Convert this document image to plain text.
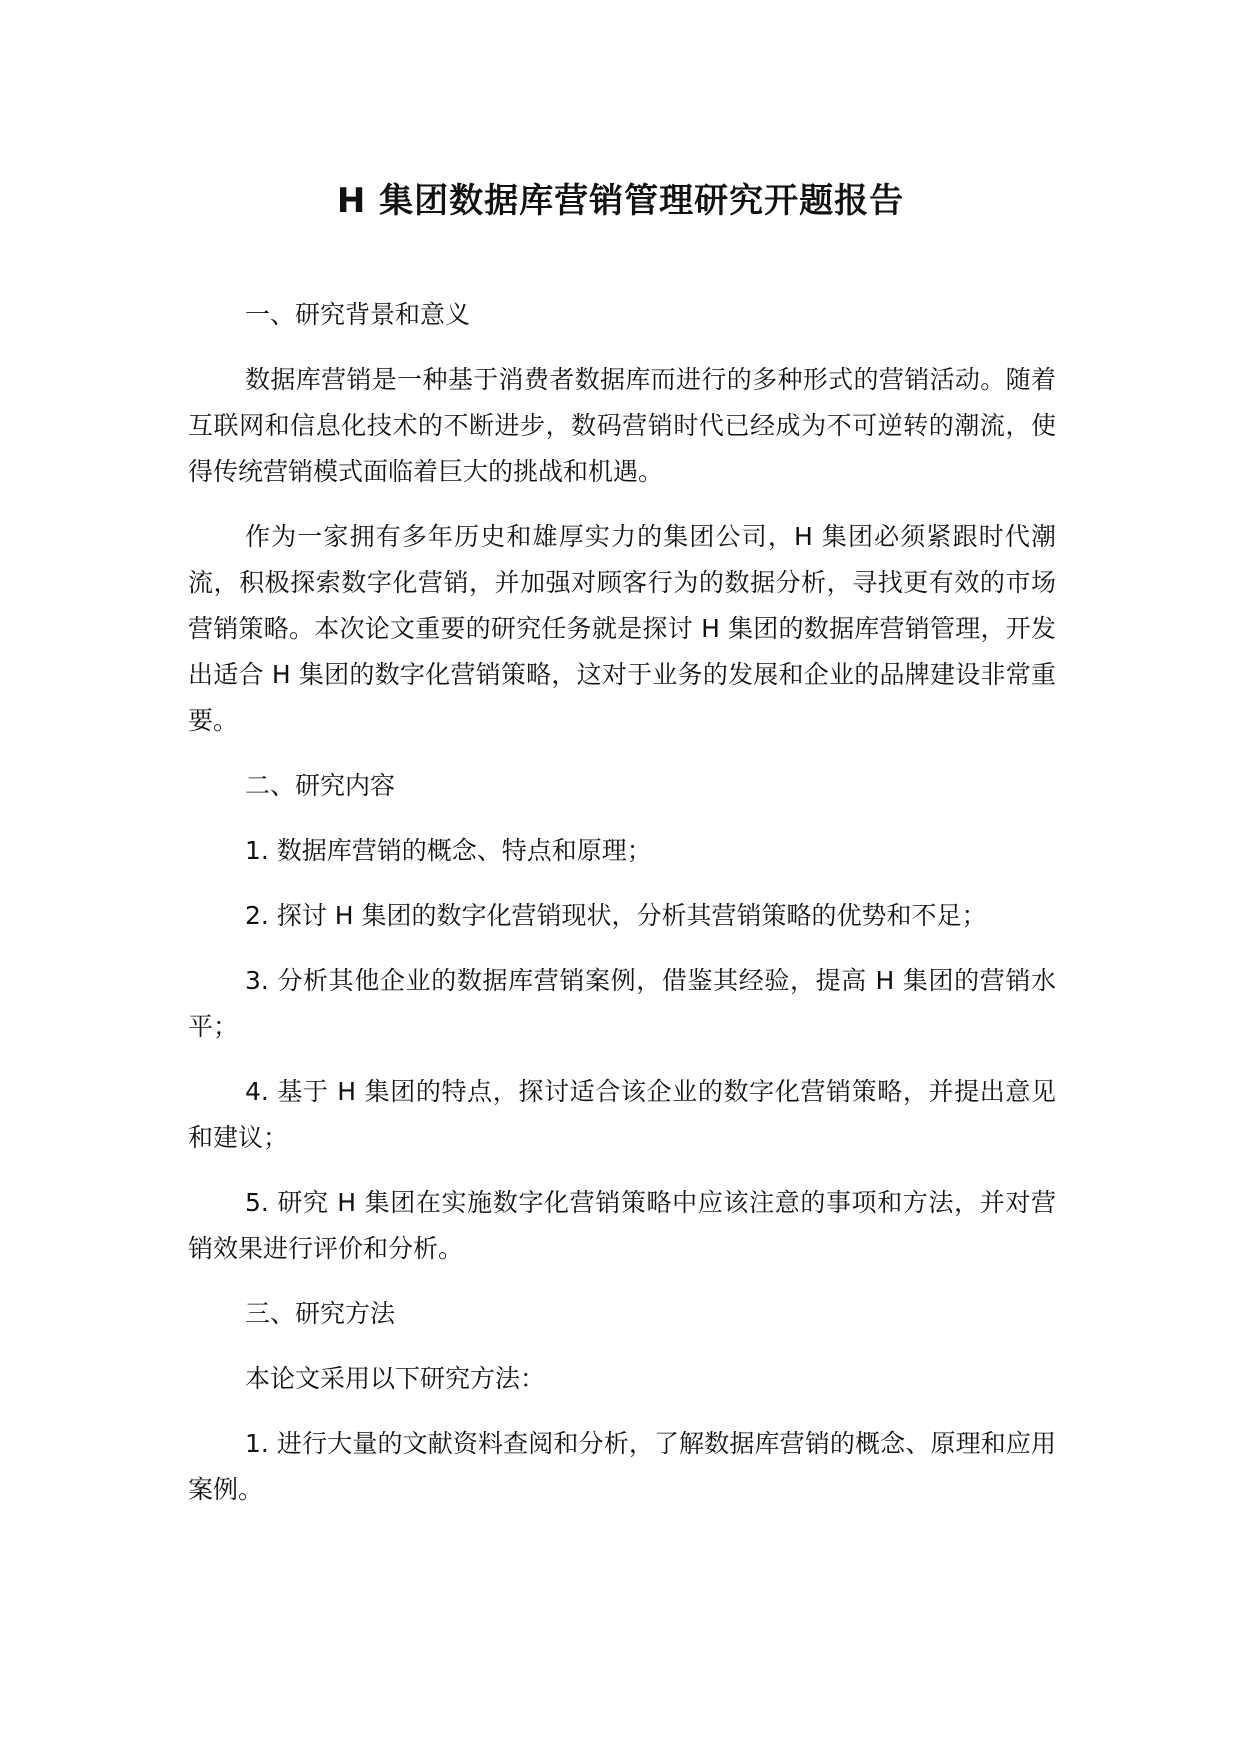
H 集团数据库营销管理研究开题报告

一、研究背景和意义

数据库营销是一种基于消费者数据库而进行的多种形式的营销活动。随着互联网和信息化技术的不断进步，数码营销时代已经成为不可逆转的潮流，使得传统营销模式面临着巨大的挑战和机遇。

作为一家拥有多年历史和雄厚实力的集团公司，H 集团必须紧跟时代潮流，积极探索数字化营销，并加强对顾客行为的数据分析，寻找更有效的市场营销策略。本次论文重要的研究任务就是探讨 H 集团的数据库营销管理，开发出适合 H 集团的数字化营销策略，这对于业务的发展和企业的品牌建设非常重要。

二、研究内容

1. 数据库营销的概念、特点和原理；

2. 探讨 H 集团的数字化营销现状，分析其营销策略的优势和不足；

3. 分析其他企业的数据库营销案例，借鉴其经验，提高 H 集团的营销水平；

4. 基于 H 集团的特点，探讨适合该企业的数字化营销策略，并提出意见和建议；

5. 研究 H 集团在实施数字化营销策略中应该注意的事项和方法，并对营销效果进行评价和分析。

三、研究方法

本论文采用以下研究方法：

1. 进行大量的文献资料查阅和分析，了解数据库营销的概念、原理和应用案例。
